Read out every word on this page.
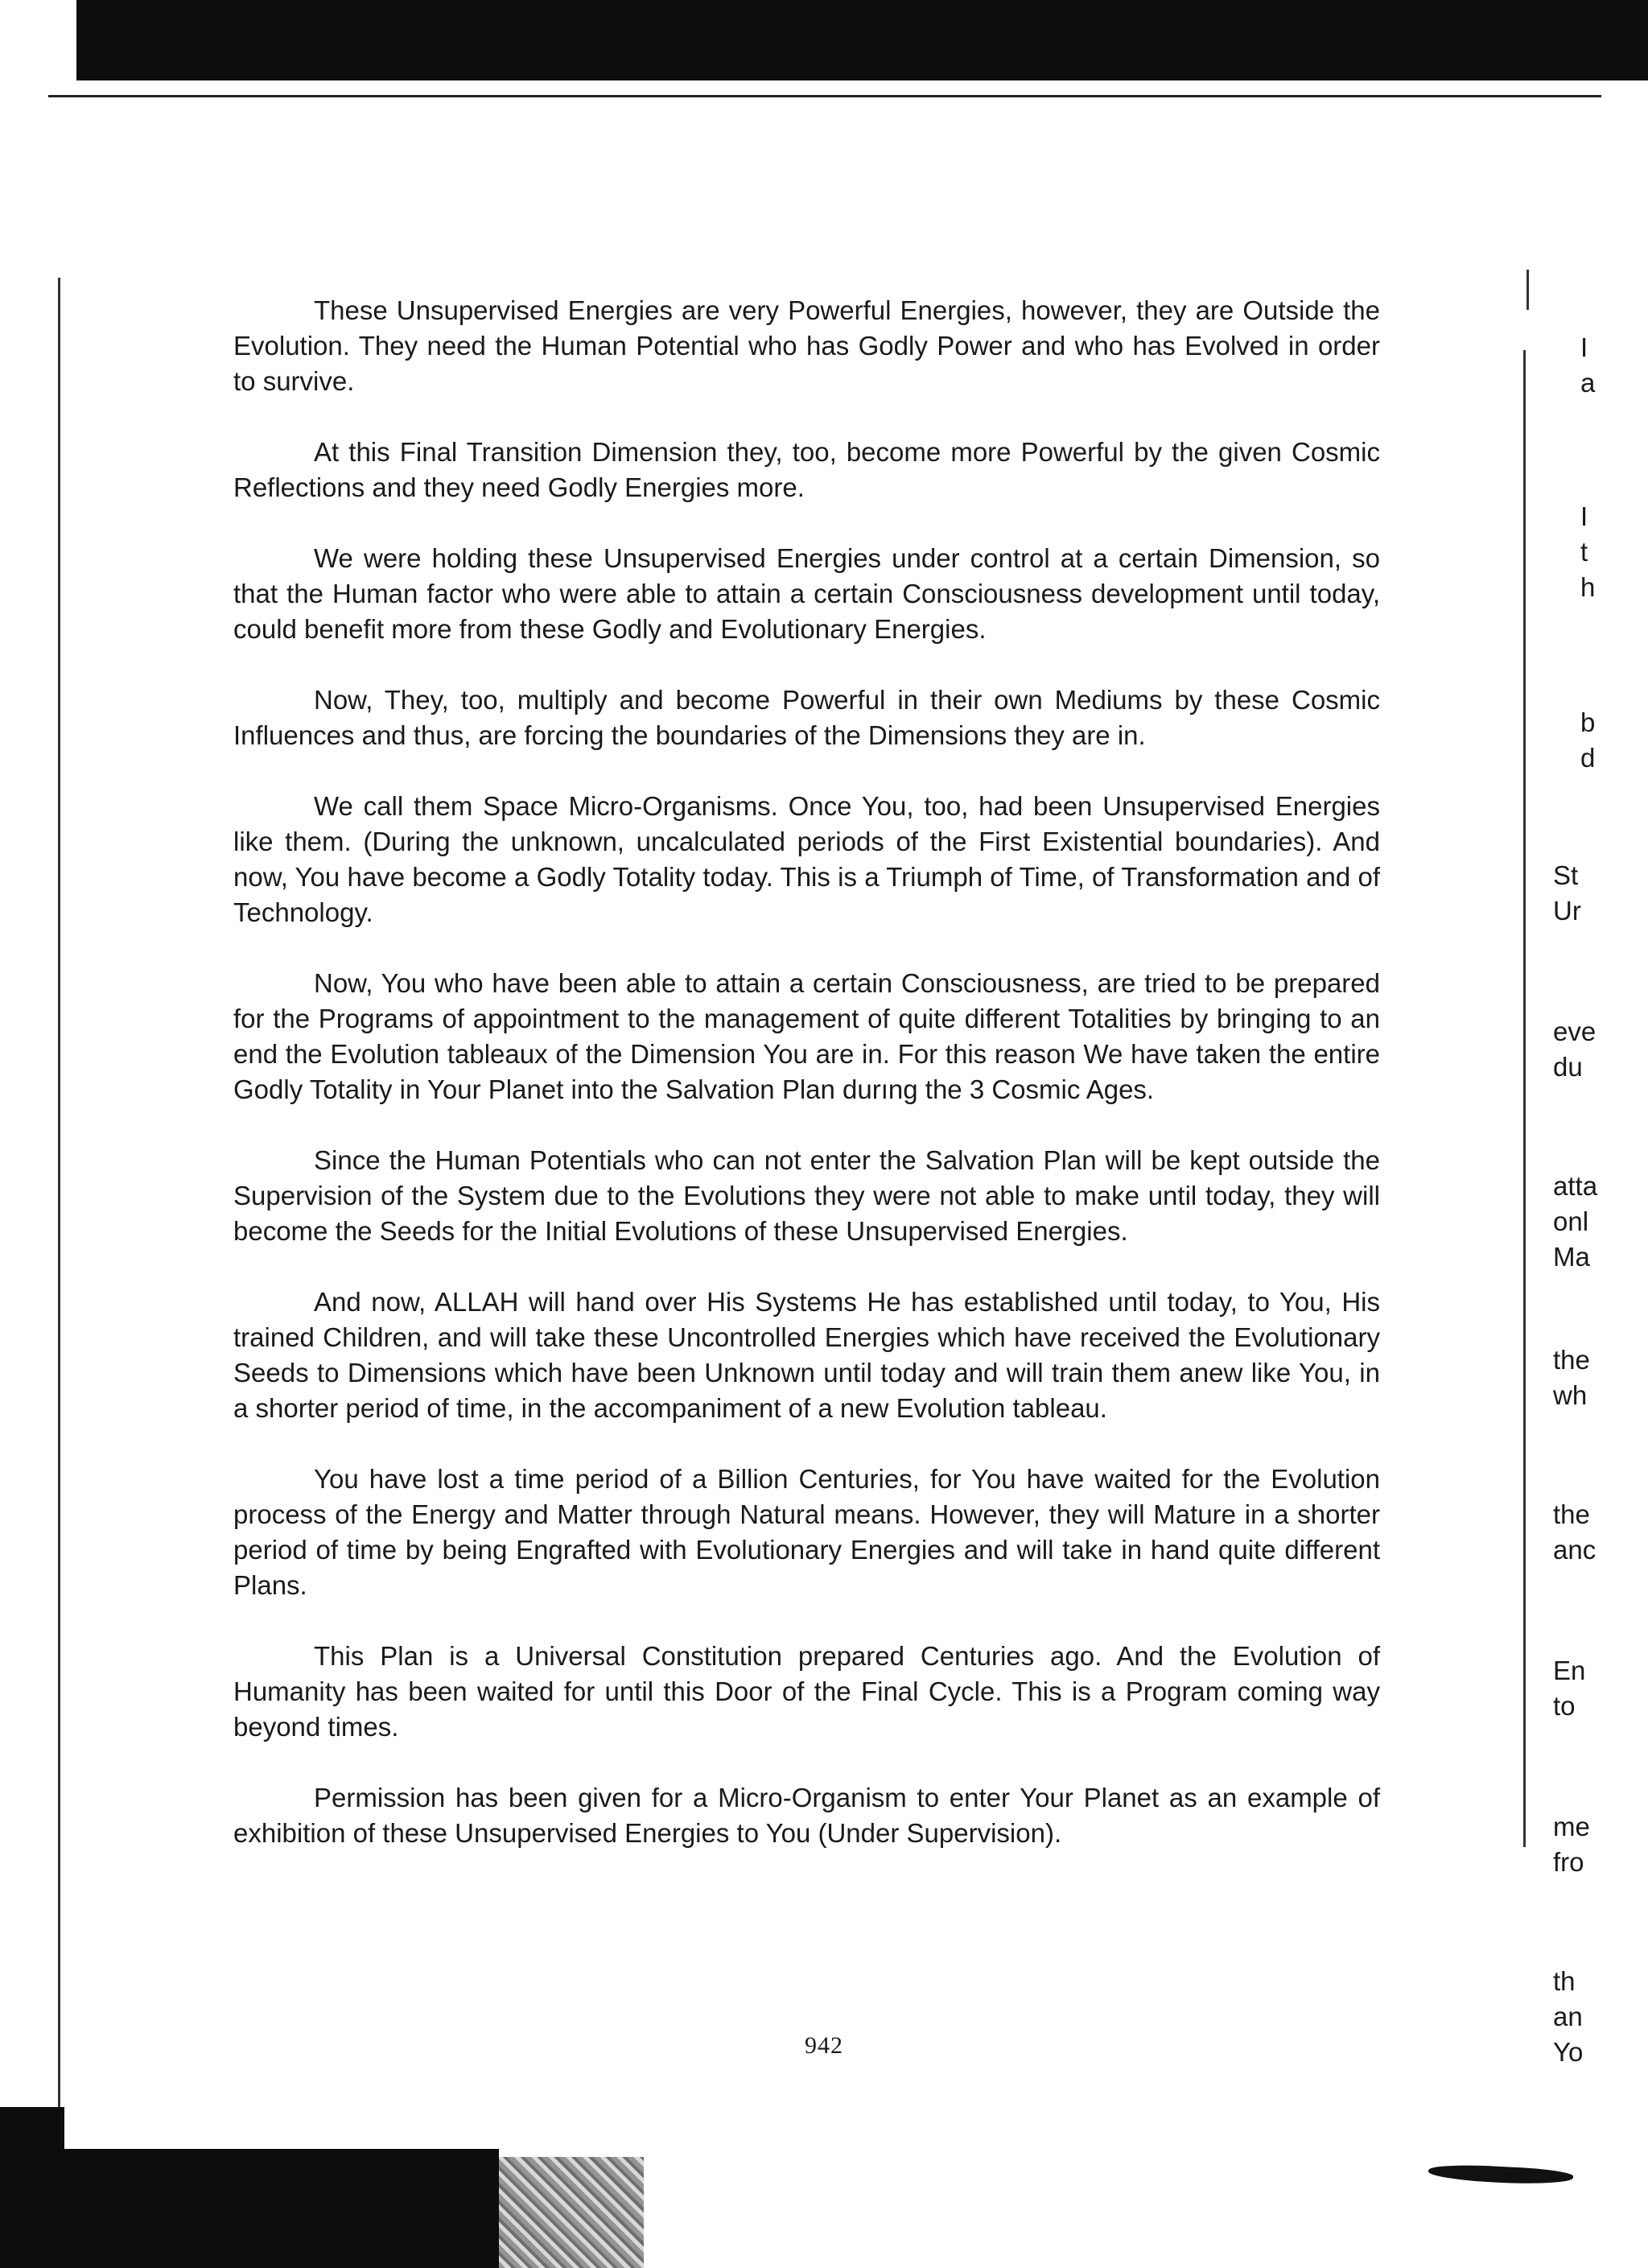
These Unsupervised Energies are very Powerful Energies, however, they are Outside the Evolution. They need the Human Potential who has Godly Power and who has Evolved in order to survive.

At this Final Transition Dimension they, too, become more Powerful by the given Cosmic Reflections and they need Godly Energies more.

We were holding these Unsupervised Energies under control at a certain Dimension, so that the Human factor who were able to attain a certain Consciousness development until today, could benefit more from these Godly and Evolutionary Energies.

Now, They, too, multiply and become Powerful in their own Mediums by these Cosmic Influences and thus, are forcing the boundaries of the Dimensions they are in.

We call them Space Micro-Organisms. Once You, too, had been Unsupervised Energies like them. (During the unknown, uncalculated periods of the First Existential boundaries). And now, You have become a Godly Totality today. This is a Triumph of Time, of Transformation and of Technology.

Now, You who have been able to attain a certain Consciousness, are tried to be prepared for the Programs of appointment to the management of quite different Totalities by bringing to an end the Evolution tableaux of the Dimension You are in. For this reason We have taken the entire Godly Totality in Your Planet into the Salvation Plan durıng the 3 Cosmic Ages.

Since the Human Potentials who can not enter the Salvation Plan will be kept outside the Supervision of the System due to the Evolutions they were not able to make until today, they will become the Seeds for the Initial Evolutions of these Unsupervised Energies.

And now, ALLAH will hand over His Systems He has established until today, to You, His trained Children, and will take these Uncontrolled Energies which have received the Evolutionary Seeds to Dimensions which have been Unknown until today and will train them anew like You, in a shorter period of time, in the accompaniment of a new Evolution tableau.

You have lost a time period of a Billion Centuries, for You have waited for the Evolution process of the Energy and Matter through Natural means. However, they will Mature in a shorter period of time by being Engrafted with Evolutionary Energies and will take in hand quite different Plans.

This Plan is a Universal Constitution prepared Centuries ago. And the Evolution of Humanity has been waited for until this Door of the Final Cycle. This is a Program coming way beyond times.

Permission has been given for a Micro-Organism to enter Your Planet as an example of exhibition of these Unsupervised Energies to You (Under Supervision).

I
a
I
t
h
b
d
St
Ur
eve
du
atta
onl
Ma
the
wh
the
anc
En
to
me
fro
th
an
Yo
942
